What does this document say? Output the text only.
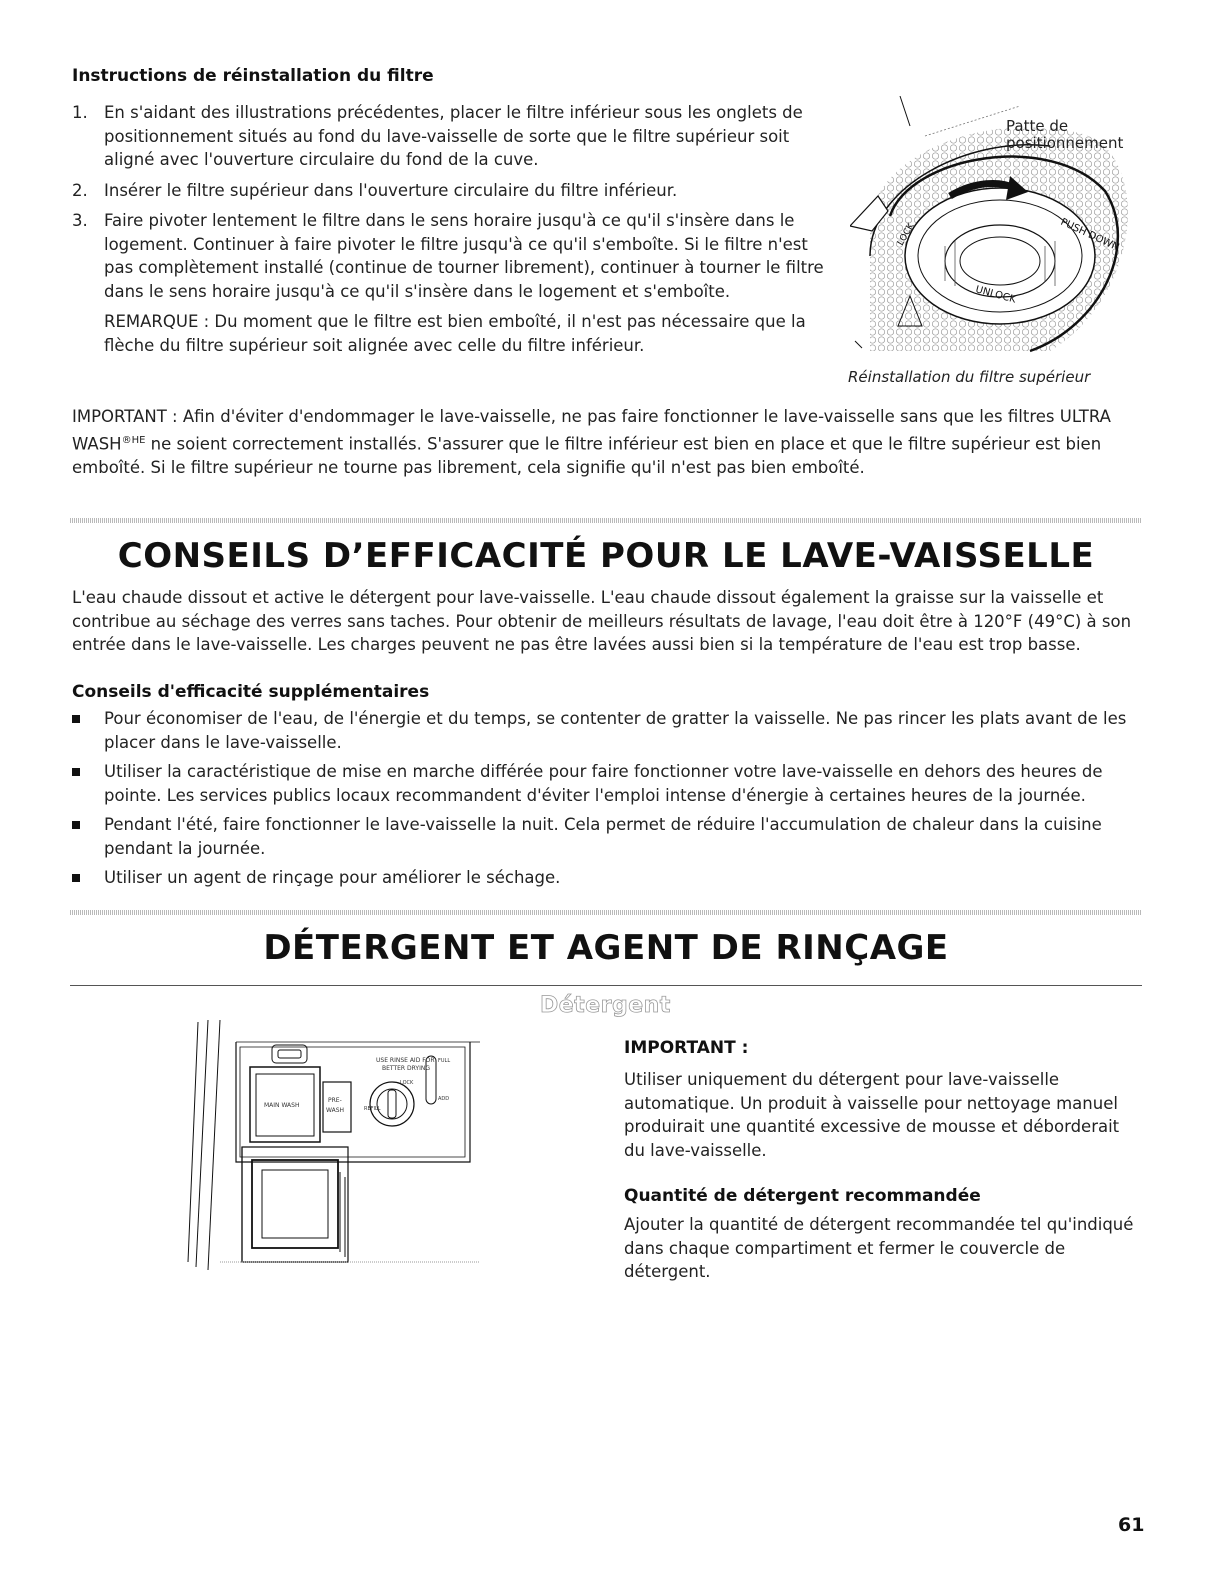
Instructions de réinstallation du filtre
1. En s'aidant des illustrations précédentes, placer le filtre inférieur sous les onglets de positionnement situés au fond du lave-vaisselle de sorte que le filtre supérieur soit aligné avec l'ouverture circulaire du fond de la cuve.
2. Insérer le filtre supérieur dans l'ouverture circulaire du filtre inférieur.
3. Faire pivoter lentement le filtre dans le sens horaire jusqu'à ce qu'il s'insère dans le logement. Continuer à faire pivoter le filtre jusqu'à ce qu'il s'emboîte. Si le filtre n'est pas complètement installé (continue de tourner librement), continuer à tourner le filtre dans le sens horaire jusqu'à ce qu'il s'insère dans le logement et s'emboîte.
REMARQUE : Du moment que le filtre est bien emboîté, il n'est pas nécessaire que la flèche du filtre supérieur soit alignée avec celle du filtre inférieur.
PUSH DOWN
UNLOCK
LOCK
Patte de positionnement
Réinstallation du filtre supérieur
IMPORTANT : Afin d'éviter d'endommager le lave-vaisselle, ne pas faire fonctionner le lave-vaisselle sans que les filtres ULTRA $WASH^{®HE}$ ne soient correctement installés. S'assurer que le filtre inférieur est bien en place et que le filtre supérieur est bien emboîté. Si le filtre supérieur ne tourne pas librement, cela signifie qu'il n'est pas bien emboîté.
CONSEILS D’EFFICACITÉ POUR LE LAVE-VAISSELLE
L'eau chaude dissout et active le détergent pour lave-vaisselle. L'eau chaude dissout également la graisse sur la vaisselle et contribue au séchage des verres sans taches. Pour obtenir de meilleurs résultats de lavage, l'eau doit être à 120°F (49°C) à son entrée dans le lave-vaisselle. Les charges peuvent ne pas être lavées aussi bien si la température de l'eau est trop basse.
Conseils d'efficacité supplémentaires
Pour économiser de l'eau, de l'énergie et du temps, se contenter de gratter la vaisselle. Ne pas rincer les plats avant de les placer dans le lave-vaisselle.
Utiliser la caractéristique de mise en marche différée pour faire fonctionner votre lave-vaisselle en dehors des heures de pointe. Les services publics locaux recommandent d'éviter l'emploi intense d'énergie à certaines heures de la journée.
Pendant l'été, faire fonctionner le lave-vaisselle la nuit. Cela permet de réduire l'accumulation de chaleur dans la cuisine pendant la journée.
Utiliser un agent de rinçage pour améliorer le séchage.
DÉTERGENT ET AGENT DE RINÇAGE
Détergent
USE RINSE AID FOR
BETTER DRYING
MAIN WASH
PRE-
WASH
FULL
ADD
REFILL
LOCK
IMPORTANT :
Utiliser uniquement du détergent pour lave-vaisselle automatique. Un produit à vaisselle pour nettoyage manuel produirait une quantité excessive de mousse et déborderait du lave-vaisselle.
Quantité de détergent recommandée
Ajouter la quantité de détergent recommandée tel qu'indiqué dans chaque compartiment et fermer le couvercle de détergent.
61
